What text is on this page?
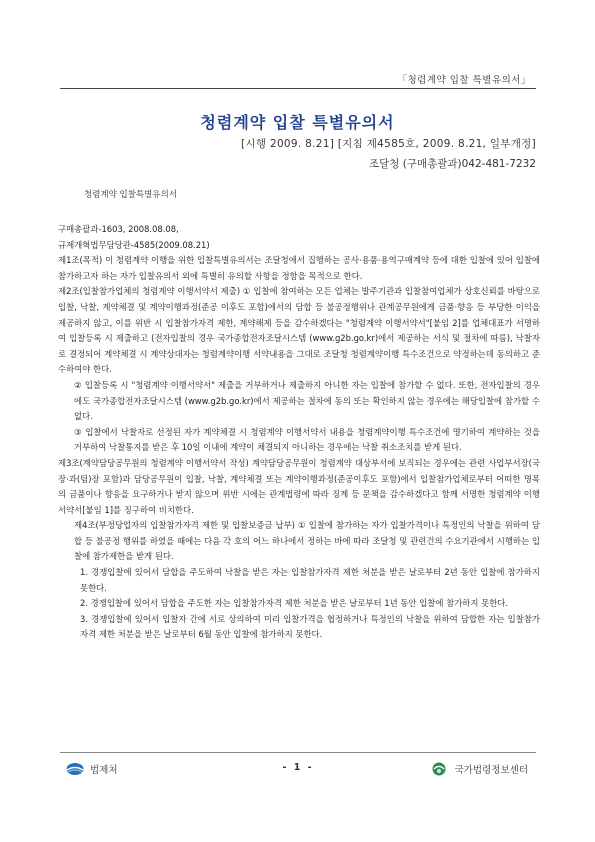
「청렴계약 입찰 특별유의서」
청렴계약 입찰 특별유의서
[시행 2009. 8.21] [지침 제4585호, 2009. 8.21, 일부개정]
조달청 (구매총괄과)042-481-7232
청렴계약 입찰특별유의서

구매총괄과-1603, 2008.08.08,

규제개혁법무담당관-4585(2009.08.21)

제1조(목적) 이 청렴계약 이행을 위한 입찰특별유의서는 조달청에서 집행하는 공사·용품·용역구매계약 등에 대한 입찰에 있어 입찰에 참가하고자 하는 자가 입찰유의서 외에 특별히 유의할 사항을 정함을 목적으로 한다.

제2조(입찰참가업체의 청렴계약 이행서약서 제출) ① 입찰에 참여하는 모든 업체는 발주기관과 입찰참여업체가 상호신뢰를 바탕으로 입찰, 낙찰, 계약체결 및 계약이행과정(준공 이후도 포함)에서의 담합 등 불공정행위나 관계공무원에게 금품·향응 등 부당한 이익을 제공하지 않고, 이를 위반 시 입찰참가자격 제한, 계약해제 등을 감수하겠다는 "청렴계약 이행서약서"[붙임 2]를 업체대표가 서명하여 입찰등록 시 제출하고 (전자입찰의 경우 국가종합전자조달시스템 (www.g2b.go.kr)에서 제공하는 서식 및 절차에 따름), 낙찰자로 결정되어 계약체결 시 계약상대자는 청렴계약이행 서약내용을 그대로 조달청 청렴계약이행 특수조건으로 약정하는데 동의하고 준수하여야 한다.

② 입찰등록 시 "청렴계약 이행서약서" 제출을 거부하거나 제출하지 아니한 자는 입찰에 참가할 수 없다. 또한, 전자입찰의 경우에도 국가종합전자조달시스템 (www.g2b.go.kr)에서 제공하는 절차에 동의 또는 확인하지 않는 경우에는 해당입찰에 참가할 수 없다.

③ 입찰에서 낙찰자로 선정된 자가 계약체결 시 청렴계약 이행서약서 내용을 청렴계약이행 특수조건에 명기하여 계약하는 것을 거부하여 낙찰통지를 받은 후 10일 이내에 계약이 체결되지 아니하는 경우에는 낙찰 취소조치를 받게 된다.

제3조(계약담당공무원의 청렴계약 이행서약서 작성) 계약담당공무원이 청렴계약 대상부서에 보직되는 경우에는 관련 사업부서장(국장·과(팀)장 포함)과 담당공무원이 입찰, 낙찰, 계약체결 또는 계약이행과정(준공이후도 포함)에서 입찰참가업체로부터 어떠한 명목의 금품이나 향응을 요구하거나 받지 않으며 위반 시에는 관계법령에 따라 징계 등 문책을 감수하겠다고 함께 서명한 청렴계약 이행서약서[붙임 1]를 징구하여 비치한다.

제4조(부정당업자의 입찰참가자격 제한 및 입찰보증금 납부) ① 입찰에 참가하는 자가 입찰가격이나 특정인의 낙찰을 위하여 담합 등 불공정 행위를 하였을 때에는 다음 각 호의 어느 하나에서 정하는 바에 따라 조달청 및 관련건의 수요기관에서 시행하는 입찰에 참가제한을 받게 된다.

1. 경쟁입찰에 있어서 담합을 주도하여 낙찰을 받은 자는 입찰참가자격 제한 처분을 받은 날로부터 2년 동안 입찰에 참가하지 못한다.

2. 경쟁입찰에 있어서 담합을 주도한 자는 입찰참가자격 제한 처분을 받은 날로부터 1년 동안 입찰에 참가하지 못한다.

3. 경쟁입찰에 있어서 입찰자 간에 서로 상의하여 미리 입찰가격을 협정하거나 특정인의 낙찰을 위하여 담합한 자는 입찰참가자격 제한 처분을 받은 날로부터 6월 동안 입찰에 참가하지 못한다.

법제처	- 1 -	국가법령정보센터
